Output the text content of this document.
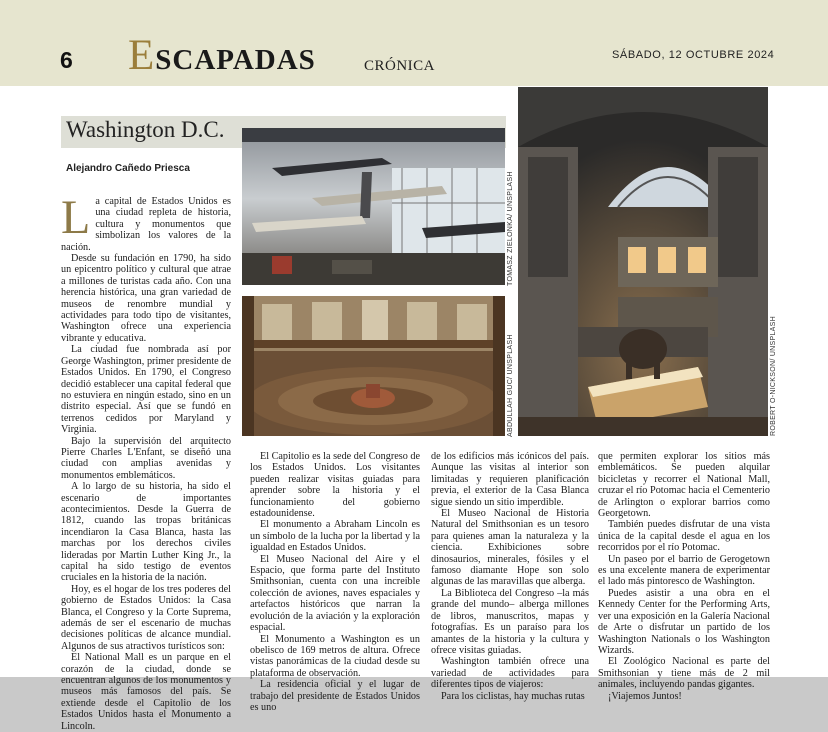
6 ESCAPADAS	CRÓNICA
SÁBADO, 12 OCTUBRE 2024
Washington D.C.
Alejandro Cañedo Priesca
TOMASZ ZIELONKA/ UNSPLASH
ABDULLAH GUC/ UNSPLASH	ROBERT O-NICKSON/ UNSPLASH

La capital de Estados Unidos es una ciudad repleta de historia, cultura y monumentos que simbolizan los valores de la nación.

Desde su fundación en 1790, ha sido un epicentro político y cultural que atrae a millones de turistas cada año. Con una herencia histórica, una gran variedad de museos de renombre mundial y actividades para todo tipo de visitantes, Washington ofrece una experiencia vibrante y educativa.

La ciudad fue nombrada así por George Washington, primer presidente de Estados Unidos. En 1790, el Congreso decidió establecer una capital federal que no estuviera en ningún estado, sino en un distrito especial. Así que se fundó en terrenos cedidos por Maryland y Virginia.

Bajo la supervisión del arquitecto Pierre Charles L'Enfant, se diseñó una ciudad con amplias avenidas y monumentos emblemáticos.

A lo largo de su historia, ha sido el escenario de importantes acontecimientos. Desde la Guerra de 1812, cuando las tropas británicas incendiaron la Casa Blanca, hasta las marchas por los derechos civiles lideradas por Martin Luther King Jr., la capital ha sido testigo de eventos cruciales en la historia de la nación.

Hoy, es el hogar de los tres poderes del gobierno de Estados Unidos: la Casa Blanca, el Congreso y la Corte Suprema, además de ser el escenario de muchas decisiones políticas de alcance mundial. Algunos de sus atractivos turísticos son:

El National Mall es un parque en el corazón de la ciudad, donde se encuentran algunos de los monumentos y museos más famosos del país. Se extiende desde el Capitolio de los Estados Unidos hasta el Monumento a Lincoln.

El Capitolio es la sede del Congreso de los Estados Unidos. Los visitantes pueden realizar visitas guiadas para aprender sobre la historia y el funcionamiento del gobierno estadounidense.

El monumento a Abraham Lincoln es un símbolo de la lucha por la libertad y la igualdad en Estados Unidos.

El Museo Nacional del Aire y el Espacio, que forma parte del Instituto Smithsonian, cuenta con una increíble colección de aviones, naves espaciales y artefactos históricos que narran la evolución de la aviación y la exploración espacial.

El Monumento a Washington es un obelisco de 169 metros de altura. Ofrece vistas panorámicas de la ciudad desde su plataforma de observación.

La residencia oficial y el lugar de trabajo del presidente de Estados Unidos es uno

de los edificios más icónicos del país. Aunque las visitas al interior son limitadas y requieren planificación previa, el exterior de la Casa Blanca sigue siendo un sitio imperdible.

El Museo Nacional de Historia Natural del Smithsonian es un tesoro para quienes aman la naturaleza y la ciencia. Exhibiciones sobre dinosaurios, minerales, fósiles y el famoso diamante Hope son solo algunas de las maravillas que alberga.

La Biblioteca del Congreso –la más grande del mundo– alberga millones de libros, manuscritos, mapas y fotografías. Es un paraíso para los amantes de la historia y la cultura y ofrece visitas guiadas.

Washington también ofrece una variedad de actividades para diferentes tipos de viajeros:

Para los ciclistas, hay muchas rutas

que permiten explorar los sitios más emblemáticos. Se pueden alquilar bicicletas y recorrer el National Mall, cruzar el río Potomac hacia el Cementerio de Arlington o explorar barrios como Georgetown.

También puedes disfrutar de una vista única de la capital desde el agua en los recorridos por el río Potomac.

Un paseo por el barrio de Gerogetown es una excelente manera de experimentar el lado más pintoresco de Washington.

Puedes asistir a una obra en el Kennedy Center for the Performing Arts, ver una exposición en la Galería Nacional de Arte o disfrutar un partido de los Washington Nationals o los Washington Wizards.

El Zoológico Nacional es parte del Smithsonian y tiene más de 2 mil animales, incluyendo pandas gigantes.

¡Viajemos Juntos!
